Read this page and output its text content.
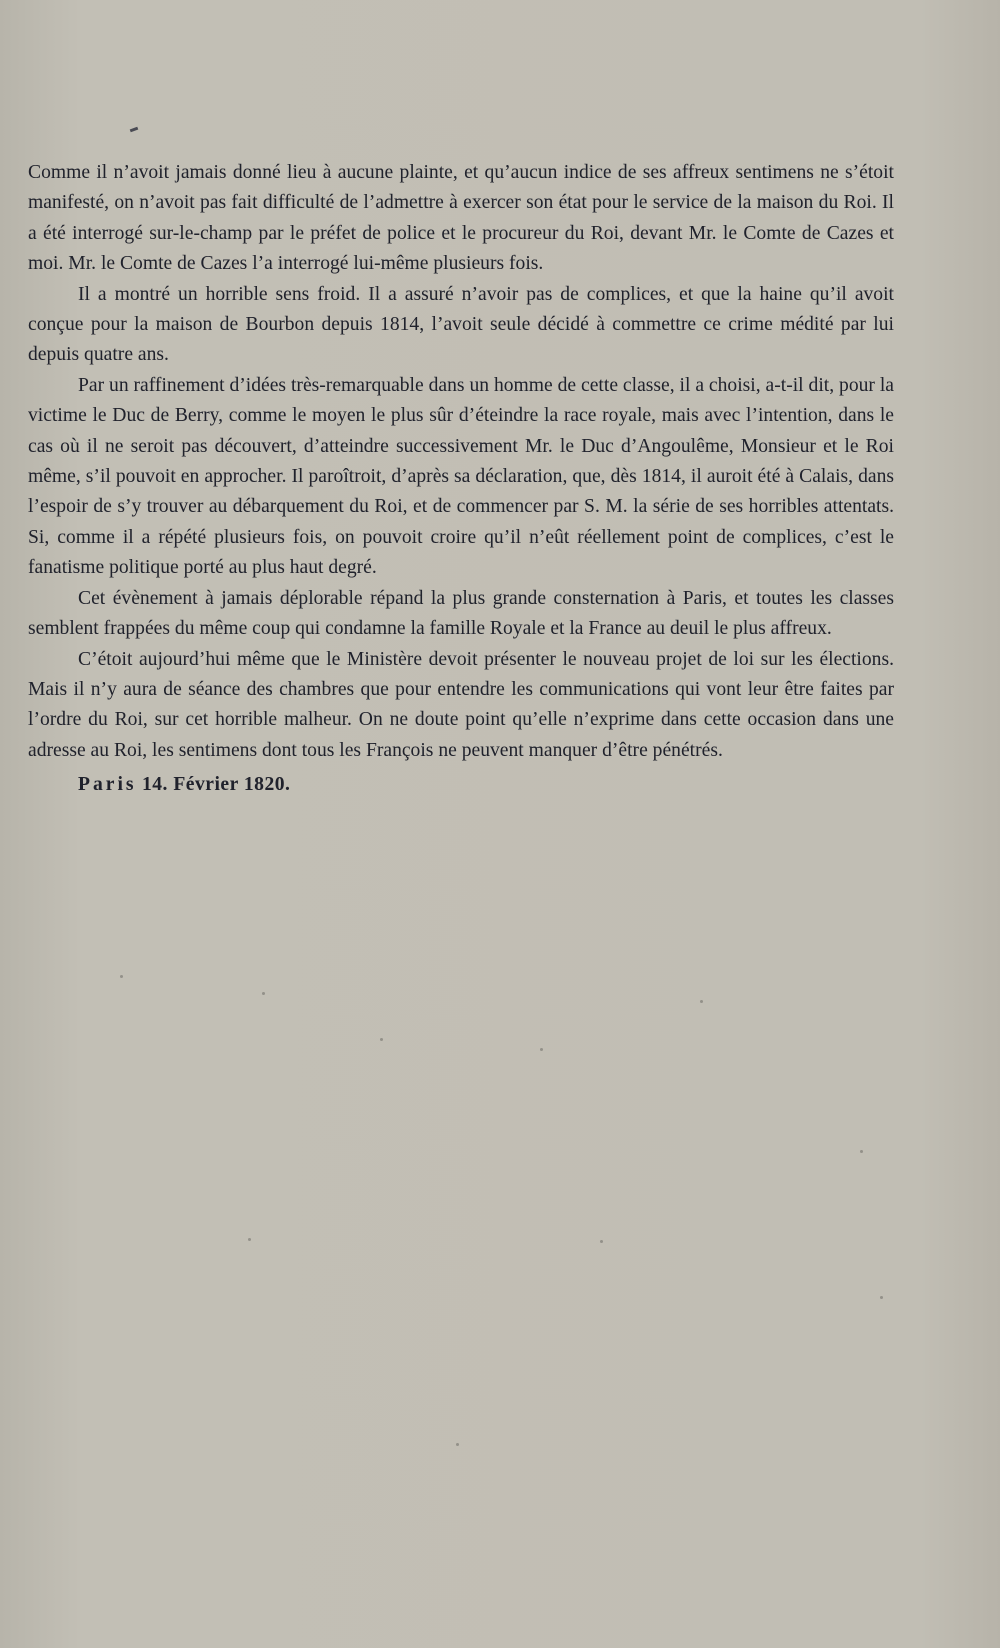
Comme il n’avoit jamais donné lieu à aucune plainte, et qu’aucun indice de ses affreux sentimens ne s’étoit manifesté, on n’avoit pas fait difficulté de l’admettre à exercer son état pour le service de la maison du Roi. Il a été interrogé sur-le-champ par le préfet de police et le procureur du Roi, devant Mr. le Comte de Cazes et moi. Mr. le Comte de Cazes l’a interrogé lui-même plusieurs fois.

Il a montré un horrible sens froid. Il a assuré n’avoir pas de complices, et que la haine qu’il avoit conçue pour la maison de Bourbon depuis 1814, l’avoit seule décidé à commettre ce crime médité par lui depuis quatre ans.

Par un raffinement d’idées très-remarquable dans un homme de cette classe, il a choisi, a-t-il dit, pour la victime le Duc de Berry, comme le moyen le plus sûr d’éteindre la race royale, mais avec l’intention, dans le cas où il ne seroit pas découvert, d’atteindre successivement Mr. le Duc d’Angoulême, Monsieur et le Roi même, s’il pouvoit en approcher. Il paroîtroit, d’après sa déclaration, que, dès 1814, il auroit été à Calais, dans l’espoir de s’y trouver au débarquement du Roi, et de commencer par S. M. la série de ses horribles attentats. Si, comme il a répété plusieurs fois, on pouvoit croire qu’il n’eût réellement point de complices, c’est le fanatisme politique porté au plus haut degré.

Cet évènement à jamais déplorable répand la plus grande consternation à Paris, et toutes les classes semblent frappées du même coup qui condamne la famille Royale et la France au deuil le plus affreux.

C’étoit aujourd’hui même que le Ministère devoit présenter le nouveau projet de loi sur les élections. Mais il n’y aura de séance des chambres que pour entendre les communications qui vont leur être faites par l’ordre du Roi, sur cet horrible malheur. On ne doute point qu’elle n’exprime dans cette occasion dans une adresse au Roi, les sentimens dont tous les François ne peuvent manquer d’être pénétrés.

Paris 14. Février 1820.
